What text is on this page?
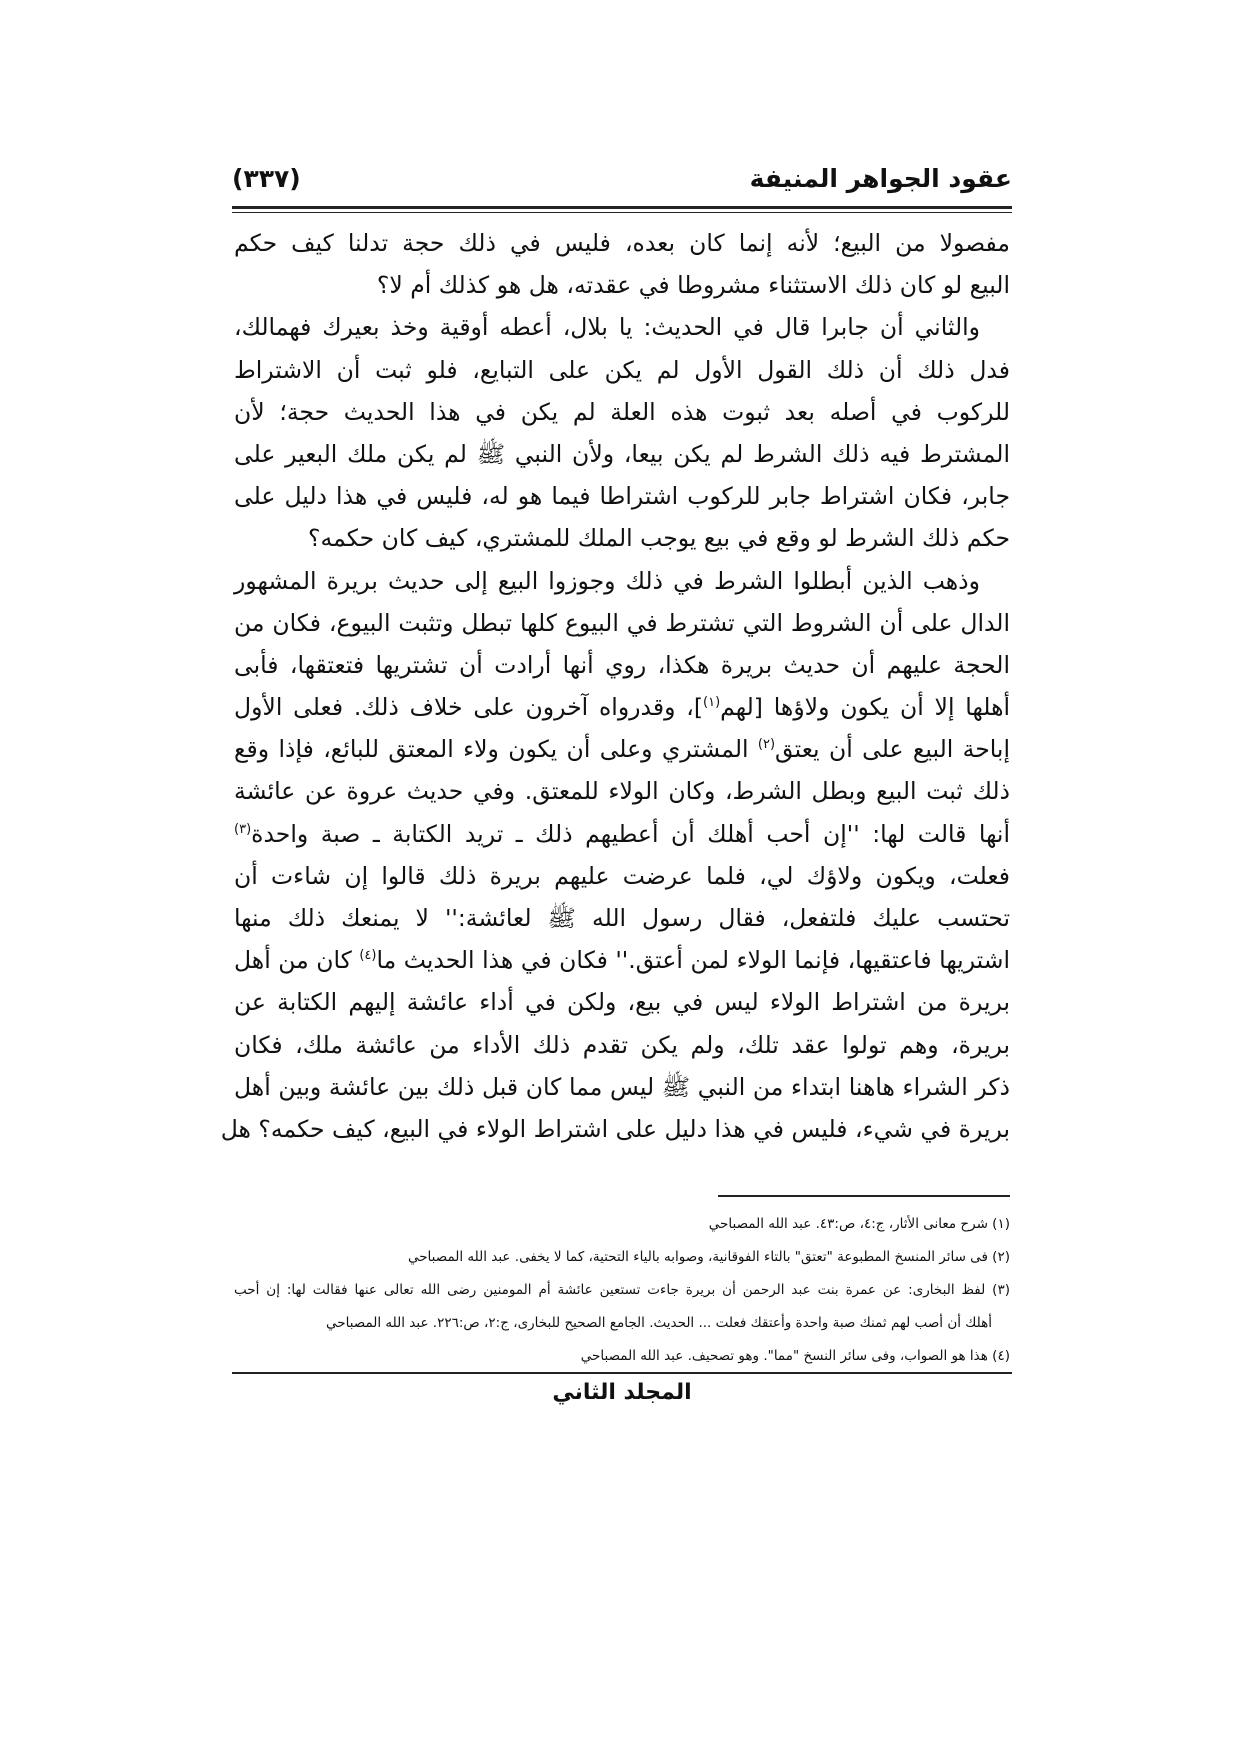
عقود الجواهر المنيفة
(٣٣٧)
مفصولا من البيع؛ لأنه إنما كان بعده، فليس في ذلك حجة تدلنا كيف حكم
البيع لو كان ذلك الاستثناء مشروطا في عقدته، هل هو كذلك أم لا؟
والثاني أن جابرا قال في الحديث: يا بلال، أعطه أوقية وخذ بعيرك فهمالك،
فدل ذلك أن ذلك القول الأول لم يكن على التبايع، فلو ثبت أن الاشتراط
للركوب في أصله بعد ثبوت هذه العلة لم يكن في هذا الحديث حجة؛ لأن
المشترط فيه ذلك الشرط لم يكن بيعا، ولأن النبي ﷺ لم يكن ملك البعير على
جابر، فكان اشتراط جابر للركوب اشتراطا فيما هو له، فليس في هذا دليل على
حكم ذلك الشرط لو وقع في بيع يوجب الملك للمشتري، كيف كان حكمه؟
وذهب الذين أبطلوا الشرط في ذلك وجوزوا البيع إلى حديث بريرة المشهور
الدال على أن الشروط التي تشترط في البيوع كلها تبطل وتثبت البيوع، فكان من
الحجة عليهم أن حديث بريرة هكذا، روي أنها أرادت أن تشتريها فتعتقها، فأبى
أهلها إلا أن يكون ولاؤها [لهم$^{(١)}$]، وقدرواه آخرون على خلاف ذلك. فعلى الأول
إباحة البيع على أن يعتق$^{(٢)}$ المشتري وعلى أن يكون ولاء المعتق للبائع، فإذا وقع
ذلك ثبت البيع وبطل الشرط، وكان الولاء للمعتق. وفي حديث عروة عن عائشة
أنها قالت لها: ''إن أحب أهلك أن أعطيهم ذلك ـ تريد الكتابة ـ صبة واحدة$^{(٣)}$
فعلت، ويكون ولاؤك لي، فلما عرضت عليهم بريرة ذلك قالوا إن شاءت أن
تحتسب عليك فلتفعل، فقال رسول الله ﷺ لعائشة:'' لا يمنعك ذلك منها
اشتريها فاعتقيها، فإنما الولاء لمن أعتق.'' فكان في هذا الحديث ما$^{(٤)}$ كان من أهل
بريرة من اشتراط الولاء ليس في بيع، ولكن في أداء عائشة إليهم الكتابة عن
بريرة، وهم تولوا عقد تلك، ولم يكن تقدم ذلك الأداء من عائشة ملك، فكان
ذكر الشراء هاهنا ابتداء من النبي ﷺ ليس مما كان قبل ذلك بين عائشة وبين أهل
بريرة في شيء، فليس في هذا دليل على اشتراط الولاء في البيع، كيف حكمه؟ هل
(١) شرح معانى الأثار، ج:٤، ص:٤٣. عبد الله المصباحي
(٢) فى سائر المنسخ المطبوعة "تعتق" بالتاء الفوقانية، وصوابه بالياء التحتية، كما لا يخفى. عبد الله المصباحي
(٣) لفظ البخارى: عن عمرة بنت عبد الرحمن أن بريرة جاءت تستعين عائشة أم المومنين رضى الله تعالى عنها فقالت لها: إن أحب
أهلك أن أصب لهم ثمنك صبة واحدة وأعتقك فعلت ... الحديث. الجامع الصحيح للبخارى، ج:٢، ص:٢٢٦. عبد الله المصباحي
(٤) هذا هو الصواب، وفى سائر النسخ "مما". وهو تصحيف. عبد الله المصباحي
المجلد الثاني
